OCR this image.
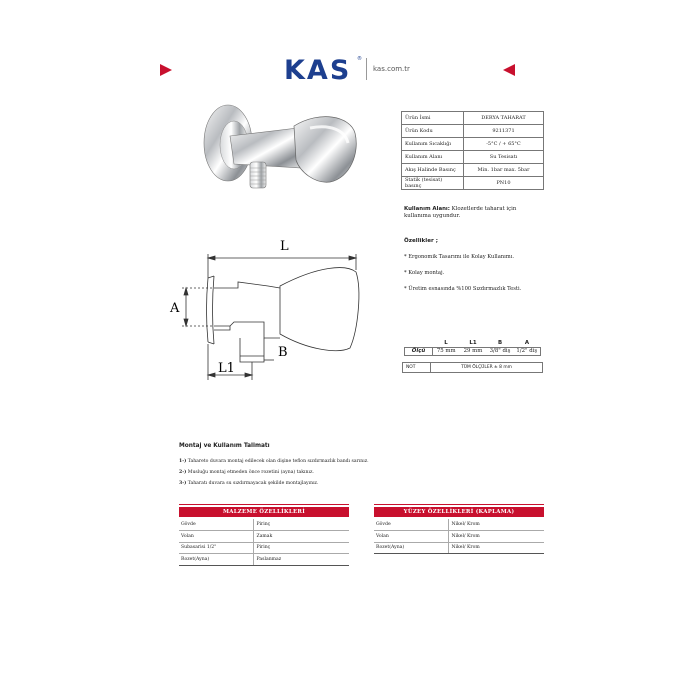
KAS ®
kas.com.tr
L
A
L1
B
Ürün İsmi	DERYA TAHARAT
Ürün Kodu	9211371
Kullanım Sıcaklığı	-5°C / + 65°C
Kullanım Alanı	Su Tesisatı
Akış Halinde Basınç	Min. 1bar max. 5bar
Statik (tesisat) basınç	PN10
Kullanım Alanı: Klozetlerde taharat için kullanıma uygundur.
Özellikler ;
* Ergonomik Tasarımı ile Kolay Kullanımı.
* Kolay montaj.
* Üretim esnasında %100 Sızdırmazlık Testi.
	L	L1	B	A
Ölçü	75 mm	29 mm	3/8" diş	1/2" diş
NOT	TÜM ÖLÇÜLER ± 8 mm
Montaj ve Kullanım Talimatı
1-) Tahareto duvara montaj edilecek olan dişine teflon sızdırmazlık bandı sarınız.
2-) Musluğu montaj etmeden önce rozetini (ayna) takınız.
3-) Taharatı duvara su sızdırmayacak şekilde montajlayınız.
MALZEME ÖZELLİKLERİ
Gövde	Pirinç
Volan	Zamak
Subasarisi 1/2"	Pirinç
Rozet(Ayna)	Paslanmaz
YÜZEY ÖZELLİKLERİ (KAPLAMA)
Gövde	Nikel/ Krom
Volan	Nikel/ Krom
Rozet(Ayna)	Nikel/ Krom
